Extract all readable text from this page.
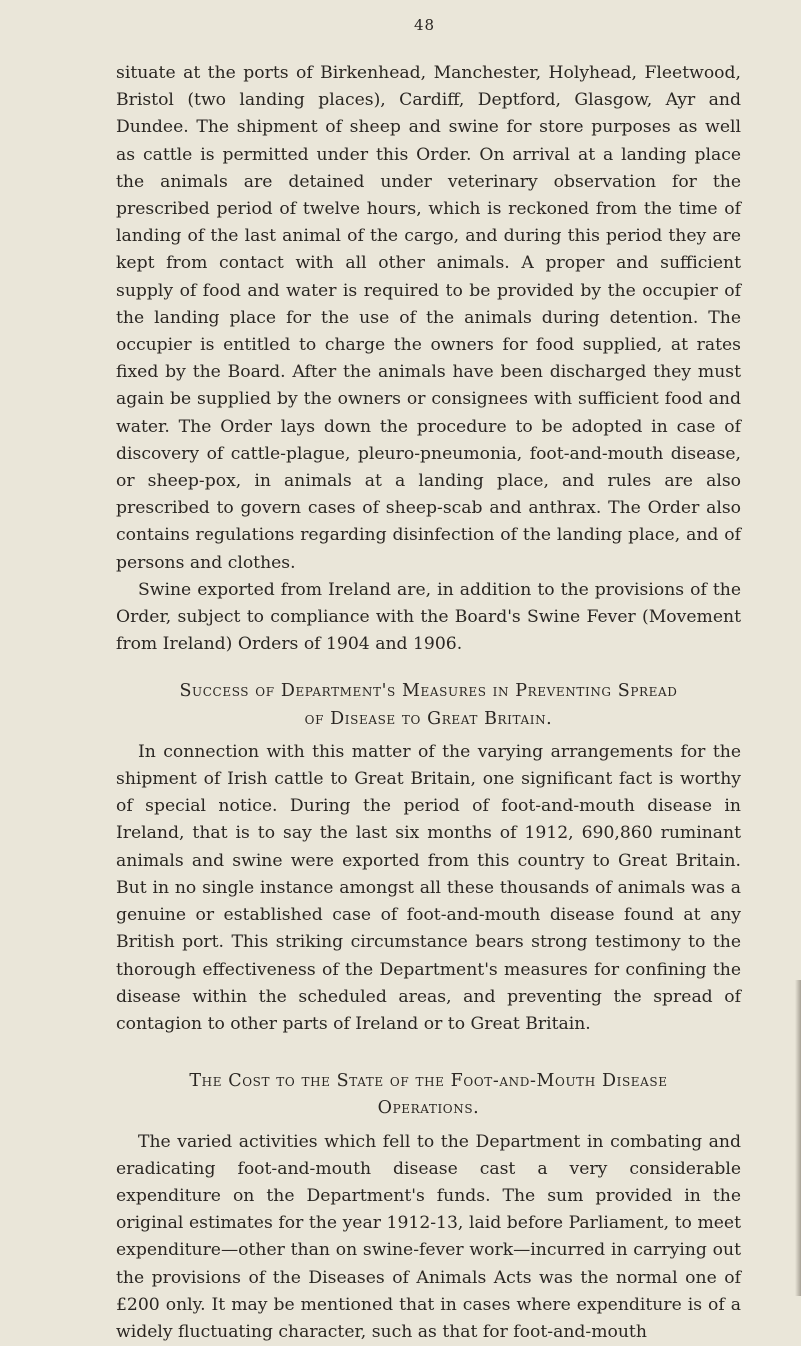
48

situate at the ports of Birkenhead, Manchester, Holyhead, Fleetwood, Bristol (two landing places), Cardiff, Deptford, Glasgow, Ayr and Dundee. The shipment of sheep and swine for store purposes as well as cattle is permitted under this Order. On arrival at a landing place the animals are detained under veterinary observation for the prescribed period of twelve hours, which is reckoned from the time of landing of the last animal of the cargo, and during this period they are kept from contact with all other animals. A proper and sufficient supply of food and water is required to be provided by the occupier of the landing place for the use of the animals during detention. The occupier is entitled to charge the owners for food supplied, at rates fixed by the Board. After the animals have been discharged they must again be supplied by the owners or consignees with sufficient food and water. The Order lays down the procedure to be adopted in case of discovery of cattle-plague, pleuro-pneumonia, foot-and-mouth disease, or sheep-pox, in animals at a landing place, and rules are also prescribed to govern cases of sheep-scab and anthrax. The Order also contains regulations regarding disinfection of the landing place, and of persons and clothes.

Swine exported from Ireland are, in addition to the provisions of the Order, subject to compliance with the Board's Swine Fever (Movement from Ireland) Orders of 1904 and 1906.

Success of Department's Measures in Preventing Spread
of Disease to Great Britain.

In connection with this matter of the varying arrangements for the shipment of Irish cattle to Great Britain, one significant fact is worthy of special notice. During the period of foot-and-mouth disease in Ireland, that is to say the last six months of 1912, 690,860 ruminant animals and swine were exported from this country to Great Britain. But in no single instance amongst all these thousands of animals was a genuine or established case of foot-and-mouth disease found at any British port. This striking circumstance bears strong testimony to the thorough effectiveness of the Department's measures for confining the disease within the scheduled areas, and preventing the spread of contagion to other parts of Ireland or to Great Britain.

The Cost to the State of the Foot-and-Mouth Disease
Operations.

The varied activities which fell to the Department in combating and eradicating foot-and-mouth disease cast a very considerable expenditure on the Department's funds. The sum provided in the original estimates for the year 1912-13, laid before Parliament, to meet expenditure—other than on swine-fever work—incurred in carrying out the provisions of the Diseases of Animals Acts was the normal one of £200 only. It may be mentioned that in cases where expenditure is of a widely fluctuating character, such as that for foot-and-mouth
